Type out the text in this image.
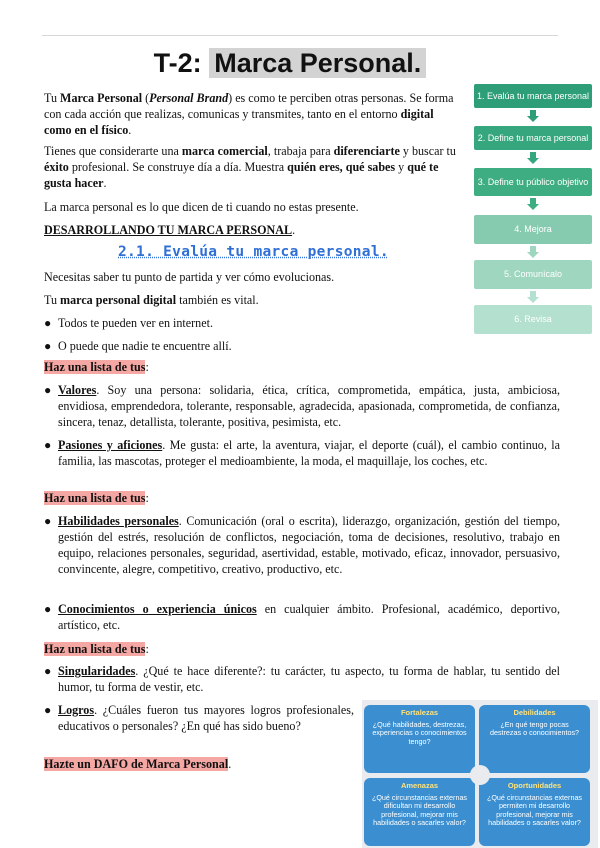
T-2: Marca Personal.

Tu Marca Personal (Personal Brand) es como te perciben otras personas. Se forma con cada acción que realizas, comunicas y transmites, tanto en el entorno digital como en el físico.

Tienes que considerarte una marca comercial, trabaja para diferenciarte y buscar tu éxito profesional. Se construye día a día. Muestra quién eres, qué sabes y qué te gusta hacer.

La marca personal es lo que dicen de ti cuando no estas presente.

DESARROLLANDO TU MARCA PERSONAL.

2.1. Evalúa tu marca personal.

Necesitas saber tu punto de partida y ver cómo evolucionas.

Tu marca personal digital también es vital.

● Todos te pueden ver en internet.
● O puede que nadie te encuentre allí.

Haz una lista de tus:

● Valores. Soy una persona: solidaria, ética, crítica, comprometida, empática, justa, ambiciosa, envidiosa, emprendedora, tolerante, responsable, agradecida, apasionada, comprometida, de confianza, sincera, tenaz, detallista, tolerante, positiva, pesimista, etc.
● Pasiones y aficiones. Me gusta: el arte, la aventura, viajar, el deporte (cuál), el cambio continuo, la familia, las mascotas, proteger el medioambiente, la moda, el maquillaje, los coches, etc.

Haz una lista de tus:

● Habilidades personales. Comunicación (oral o escrita), liderazgo, organización, gestión del tiempo, gestión del estrés, resolución de conflictos, negociación, toma de decisiones, resolutivo, trabajo en equipo, relaciones personales, seguridad, asertividad, estable, motivado, eficaz, innovador, persuasivo, convincente, alegre, competitivo, creativo, productivo, etc.
● Conocimientos o experiencia únicos en cualquier ámbito. Profesional, académico, deportivo, artístico, etc.

Haz una lista de tus:

● Singularidades. ¿Qué te hace diferente?: tu carácter, tu aspecto, tu forma de hablar, tu sentido del humor, tu forma de vestir, etc.
● Logros. ¿Cuáles fueron tus mayores logros profesionales, educativos o personales? ¿En qué has sido bueno?

Hazte un DAFO de Marca Personal.

1. Evalúa tu marca personal
2. Define tu marca personal
3. Define tu público objetivo
4. Mejora
5. Comunícalo
6. Revisa
Fortalezas
¿Qué habilidades, destrezas, experiencias o conocimientos tengo?
Debilidades
¿En qué tengo pocas destrezas o conocimientos?
Amenazas
¿Qué circunstancias externas dificultan mi desarrollo profesional, mejorar mis habilidades o sacarles valor?
Oportunidades
¿Qué circunstancias externas permiten mi desarrollo profesional, mejorar mis habilidades o sacarles valor?
